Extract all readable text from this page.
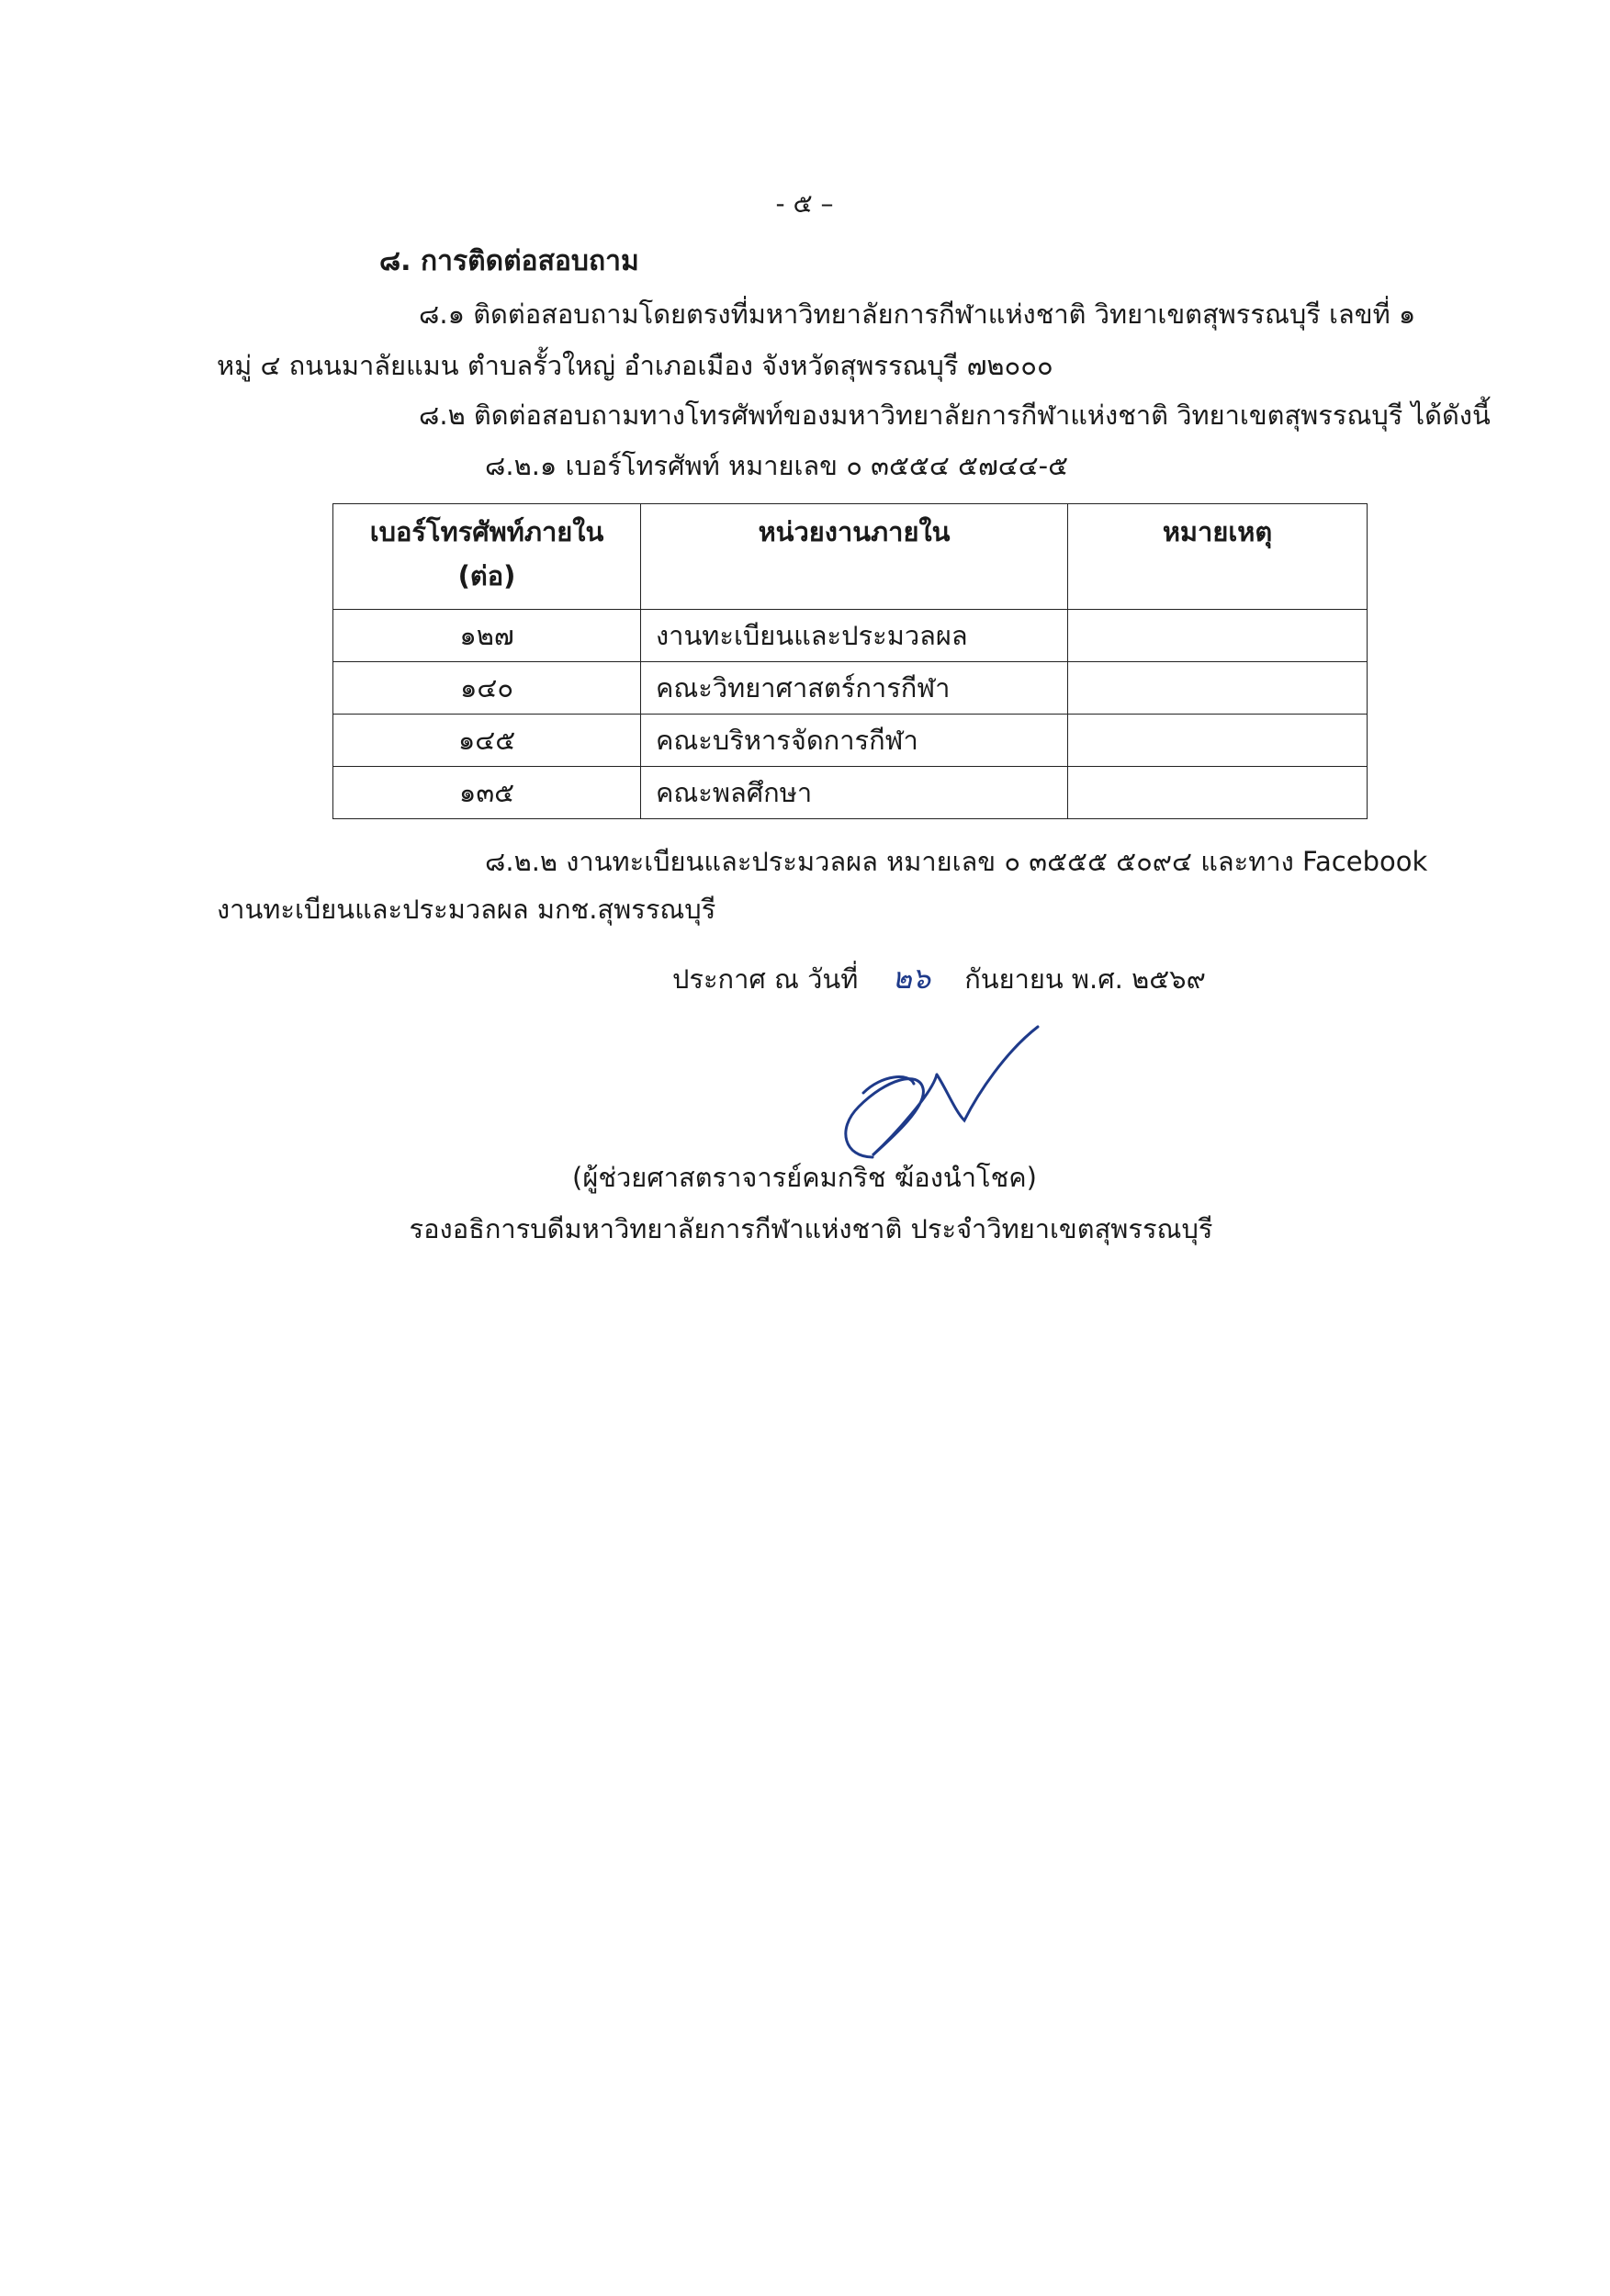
- ๕ –
๘. การติดต่อสอบถาม
๘.๑ ติดต่อสอบถามโดยตรงที่มหาวิทยาลัยการกีฬาแห่งชาติ วิทยาเขตสุพรรณบุรี เลขที่ ๑
หมู่ ๔ ถนนมาลัยแมน ตำบลรั้วใหญ่ อำเภอเมือง จังหวัดสุพรรณบุรี ๗๒๐๐๐
๘.๒ ติดต่อสอบถามทางโทรศัพท์ของมหาวิทยาลัยการกีฬาแห่งชาติ วิทยาเขตสุพรรณบุรี ได้ดังนี้
๘.๒.๑ เบอร์โทรศัพท์ หมายเลข ๐ ๓๕๕๔ ๕๗๔๔-๕
เบอร์โทรศัพท์ภายใน (ต่อ)	หน่วยงานภายใน	หมายเหตุ
๑๒๗	งานทะเบียนและประมวลผล	
๑๔๐	คณะวิทยาศาสตร์การกีฬา	
๑๔๕	คณะบริหารจัดการกีฬา	
๑๓๕	คณะพลศึกษา	
๘.๒.๒ งานทะเบียนและประมวลผล หมายเลข ๐ ๓๕๕๕ ๕๐๙๔ และทาง Facebook
งานทะเบียนและประมวลผล มกช.สุพรรณบุรี
ประกาศ ณ วันที่ ๒๖ กันยายน พ.ศ. ๒๕๖๙
(ผู้ช่วยศาสตราจารย์คมกริช ฆ้องนำโชค)
รองอธิการบดีมหาวิทยาลัยการกีฬาแห่งชาติ ประจำวิทยาเขตสุพรรณบุรี
